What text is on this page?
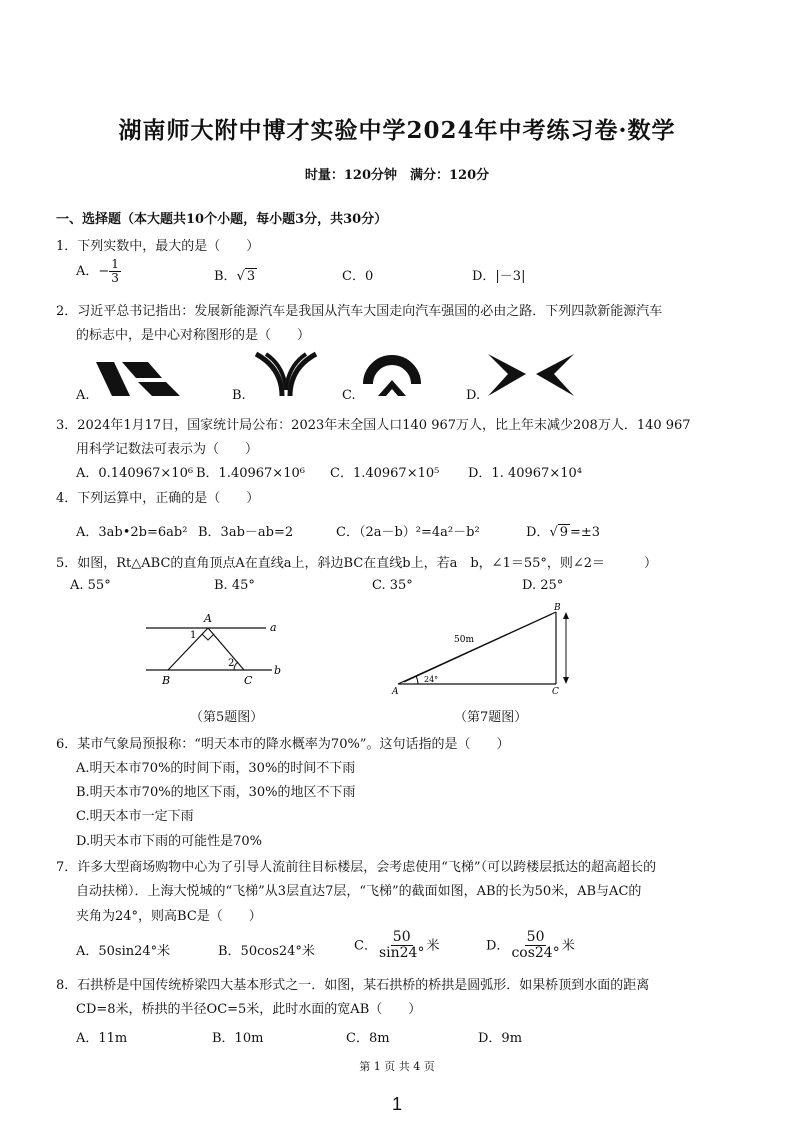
湖南师大附中博才实验中学2024年中考练习卷·数学
时量：120分钟　满分：120分
一、选择题（本大题共10个小题，每小题3分，共30分）
1．下列实数中，最大的是（　　）
A．− $\frac{1}{3}$	B．√ 3	C．0	D．|－3|
2．习近平总书记指出：发展新能源汽车是我国从汽车大国走向汽车强国的必由之路．下列四款新能源汽车
的标志中，是中心对称图形的是（　　）
A.	B.	C.	D.
3．2024年1月17日，国家统计局公布：2023年末全国人口140 967万人，比上年末减少208万人．140 967
用科学记数法可表示为（　　）
A．0.140967×10⁶ B．1.40967×10⁶ C．1.40967×10⁵ D．1. 40967×10⁴
4．下列运算中，正确的是（　　）
A．3ab•2b=6ab² B．3ab－ab=2	C．（2a－b）²=4a²－b²	D．√ 9 =±3
5．如图，Rt△ABC的直角顶点A在直线a上，斜边BC在直线b上，若a　b，∠1＝55°，则∠2＝　　　）
A. 55°	B. 45°	C. 35°	D. 25°
A
B	C
a
b
1
2
（第5题图）
A
B
C
50m
24°
（第7题图）
6．某市气象局预报称：“明天本市的降水概率为70%”。这句话指的是（　　）
A.明天本市70%的时间下雨，30%的时间不下雨
B.明天本市70%的地区下雨，30%的地区不下雨
C.明天本市一定下雨
D.明天本市下雨的可能性是70%
7．许多大型商场购物中心为了引导人流前往目标楼层，会考虑使用“飞梯”（可以跨楼层抵达的超高超长的
自动扶梯）．上海大悦城的“飞梯”从3层直达7层，“飞梯”的截面如图，AB的长为50米，AB与AC的
夹角为24°，则高BC是（　　）
A．50sin24°米	B．50cos24°米	C． $\frac{50}{\sin 24^\circ}$ 米	D． $\frac{50}{\cos 24^\circ}$ 米
8．石拱桥是中国传统桥梁四大基本形式之一．如图，某石拱桥的桥拱是圆弧形．如果桥顶到水面的距离
CD=8米，桥拱的半径OC=5米，此时水面的宽AB（　　）
A．11m	B．10m	C．8m	D．9m
第 1 页 共 4 页
1
